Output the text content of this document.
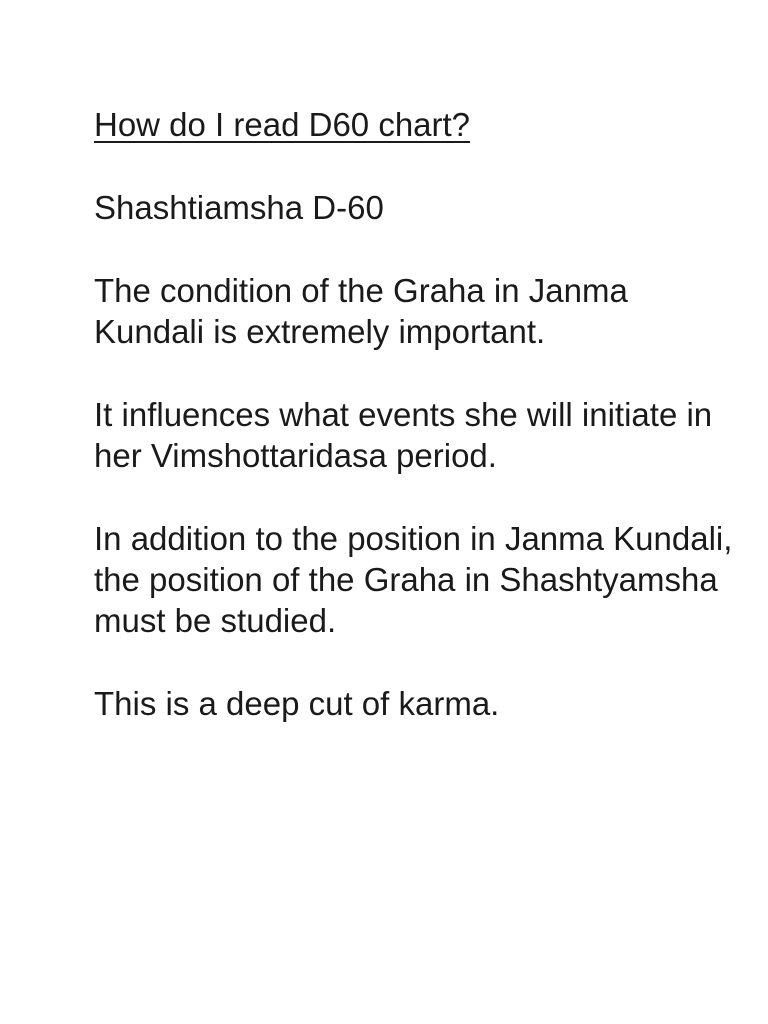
How do I read D60 chart?

Shashtiamsha D-60

The condition of the Graha in Janma Kundali is extremely important.

It influences what events she will initiate in her Vimshottaridasa period.

In addition to the position in Janma Kundali, the position of the Graha in Shashtyamsha must be studied.

This is a deep cut of karma.
